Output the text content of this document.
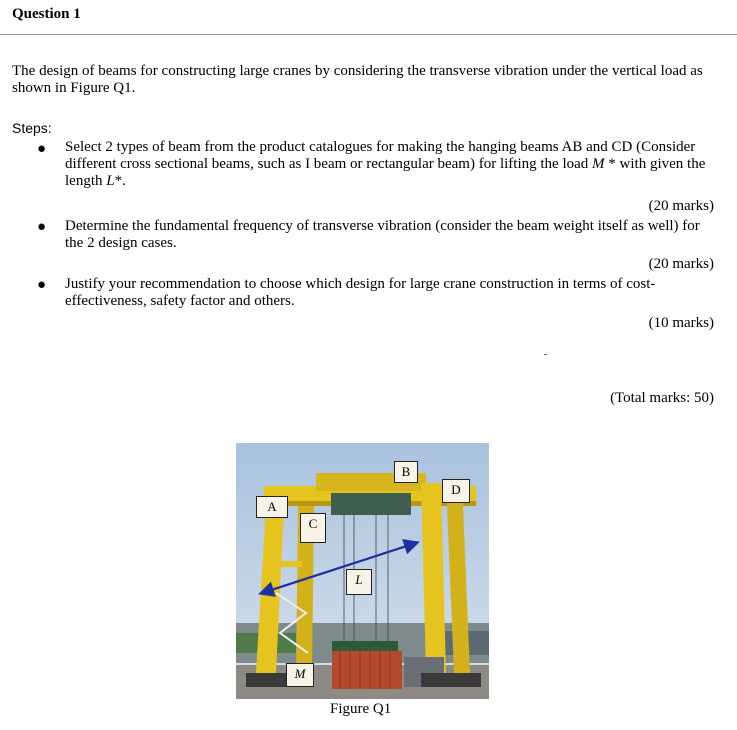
Question 1
The design of beams for constructing large cranes by considering the transverse vibration under the vertical load as shown in Figure Q1.
Steps:
● Select 2 types of beam from the product catalogues for making the hanging beams AB and CD (Consider different cross sectional beams, such as I beam or rectangular beam) for lifting the load M * with given the length L*.
(20 marks)
● Determine the fundamental frequency of transverse vibration (consider the beam weight itself as well) for the 2 design cases.
(20 marks)
● Justify your recommendation to choose which design for large crane construction in terms of cost-effectiveness, safety factor and others.
(10 marks)
(Total marks: 50)
A
B
C
D
L
M
Figure Q1
